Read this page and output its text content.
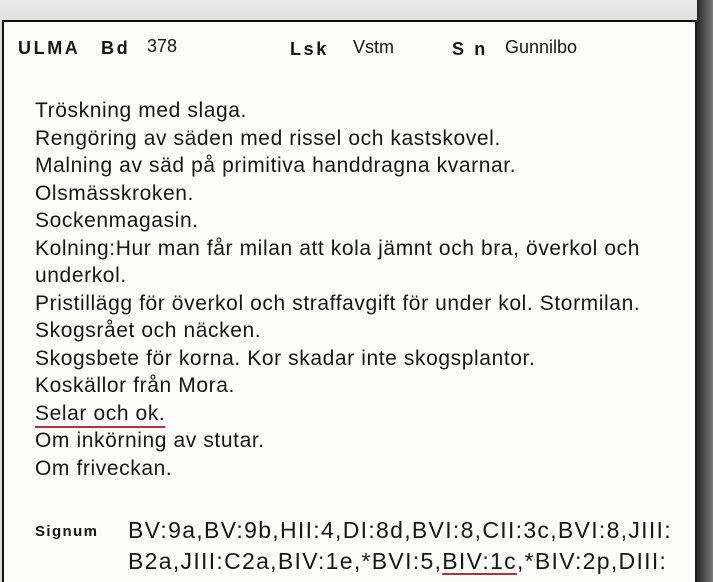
ULMA Bd 378	Lsk Vstm	S n Gunnilbo
Tröskning med slaga.
Rengöring av säden med rissel och kastskovel.
Malning av säd på primitiva handdragna kvarnar.
Olsmässkroken.
Sockenmagasin.
Kolning:Hur man får milan att kola jämnt och bra, överkol och
underkol.
Pristillägg för överkol och straffavgift för under kol. Stormilan.
Skogsrået och näcken.
Skogsbete för korna. Kor skadar inte skogsplantor.
Koskällor från Mora.
Selar och ok.
Om inkörning av stutar.
Om friveckan.
Signum BV:9a,BV:9b,HII:4,DI:8d,BVI:8,CII:3c,BVI:8,JIII:
B2a,JIII:C2a,BIV:1e,*BVI:5,BIV:1c,*BIV:2p,DIII:
